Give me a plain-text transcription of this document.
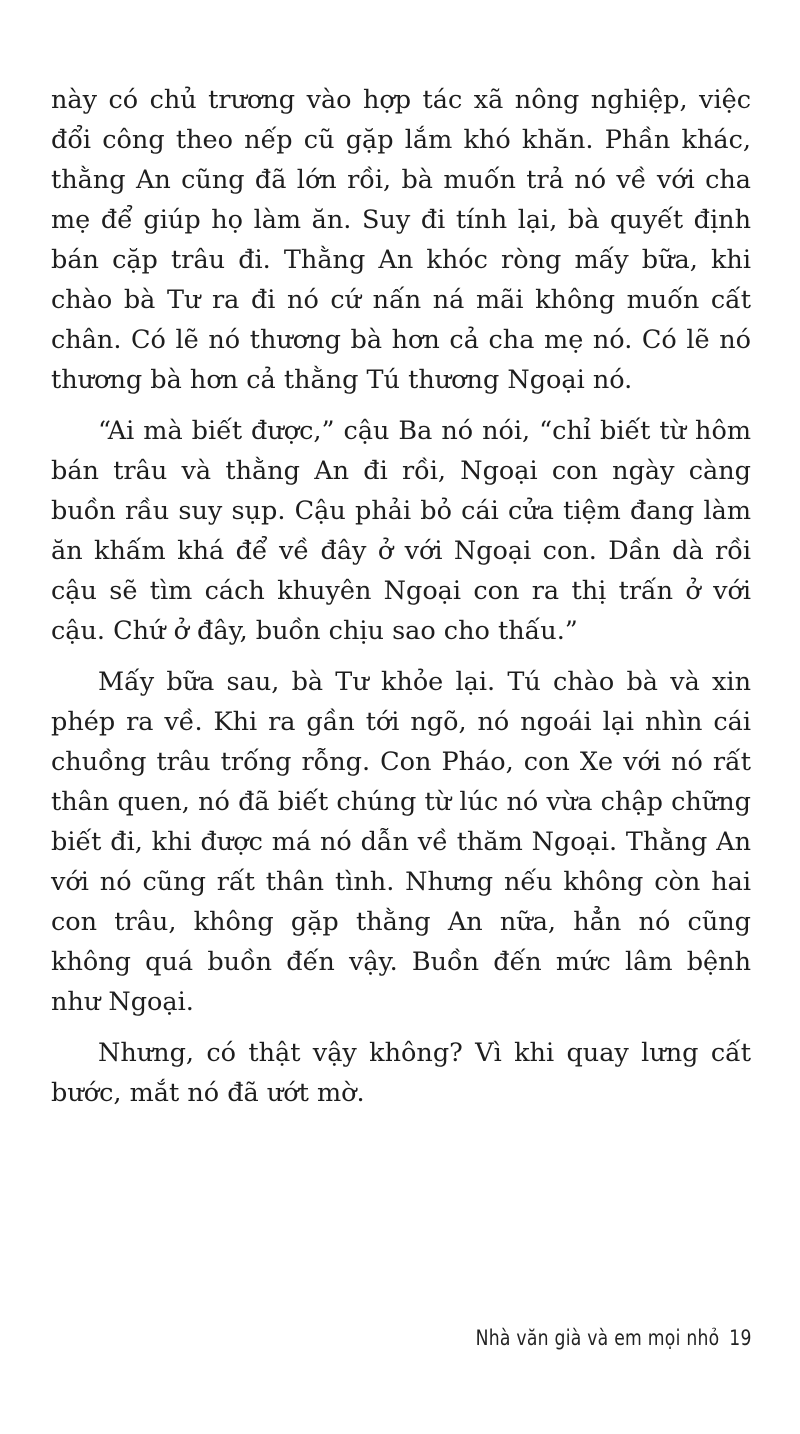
này có chủ trương vào hợp tác xã nông nghiệp, việc đổi công theo nếp cũ gặp lắm khó khăn. Phần khác, thằng An cũng đã lớn rồi, bà muốn trả nó về với cha mẹ để giúp họ làm ăn. Suy đi tính lại, bà quyết định bán cặp trâu đi. Thằng An khóc ròng mấy bữa, khi chào bà Tư ra đi nó cứ nấn ná mãi không muốn cất chân. Có lẽ nó thương bà hơn cả cha mẹ nó. Có lẽ nó thương bà hơn cả thằng Tú thương Ngoại nó.

“Ai mà biết được,” cậu Ba nó nói, “chỉ biết từ hôm bán trâu và thằng An đi rồi, Ngoại con ngày càng buồn rầu suy sụp. Cậu phải bỏ cái cửa tiệm đang làm ăn khấm khá để về đây ở với Ngoại con. Dần dà rồi cậu sẽ tìm cách khuyên Ngoại con ra thị trấn ở với cậu. Chứ ở đây, buồn chịu sao cho thấu.”

Mấy bữa sau, bà Tư khỏe lại. Tú chào bà và xin phép ra về. Khi ra gần tới ngõ, nó ngoái lại nhìn cái chuồng trâu trống rỗng. Con Pháo, con Xe với nó rất thân quen, nó đã biết chúng từ lúc nó vừa chập chững biết đi, khi được má nó dẫn về thăm Ngoại. Thằng An với nó cũng rất thân tình. Nhưng nếu không còn hai con trâu, không gặp thằng An nữa, hẳn nó cũng không quá buồn đến vậy. Buồn đến mức lâm bệnh như Ngoại.

Nhưng, có thật vậy không? Vì khi quay lưng cất bước, mắt nó đã ướt mờ.

Nhà văn già và em mọi nhỏ 19
